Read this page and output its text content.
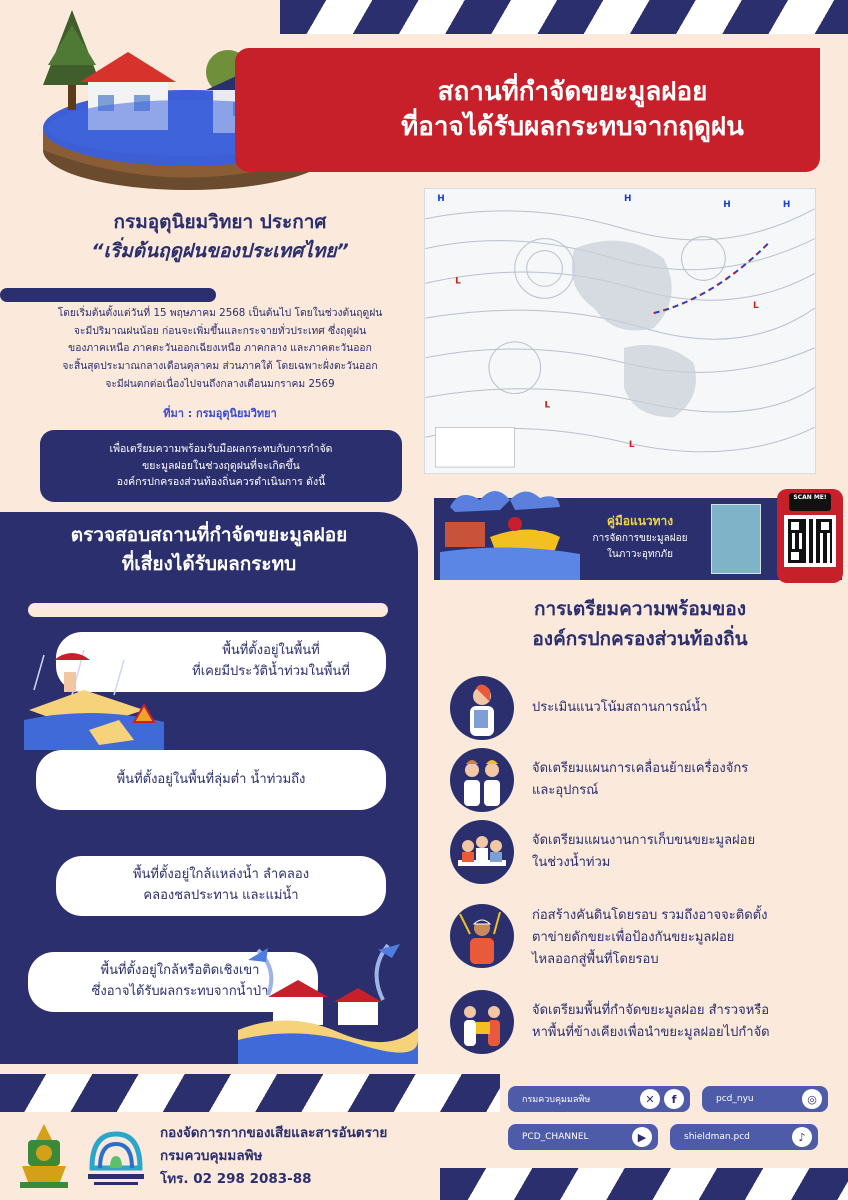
สถานที่กำจัดขยะมูลฝอย
ที่อาจได้รับผลกระทบจากฤดูฝน
กรมอุตุนิยมวิทยา ประกาศ
“เริ่มต้นฤดูฝนของประเทศไทย”
โดยเริ่มต้นตั้งแต่วันที่ 15 พฤษภาคม 2568 เป็นต้นไป โดยในช่วงต้นฤดูฝน
จะมีปริมาณฝนน้อย ก่อนจะเพิ่มขึ้นและกระจายทั่วประเทศ ซึ่งฤดูฝน
ของภาคเหนือ ภาคตะวันออกเฉียงเหนือ ภาคกลาง และภาคตะวันออก
จะสิ้นสุดประมาณกลางเดือนตุลาคม ส่วนภาคใต้ โดยเฉพาะฝั่งตะวันออก
จะมีฝนตกต่อเนื่องไปจนถึงกลางเดือนมกราคม 2569
ที่มา : กรมอุตุนิยมวิทยา
เพื่อเตรียมความพร้อมรับมือผลกระทบกับการกำจัด
ขยะมูลฝอยในช่วงฤดูฝนที่จะเกิดขึ้น
องค์กรปกครองส่วนท้องถิ่นควรดำเนินการ ดังนี้
L
L
L
L
H	H
H	H
ตรวจสอบสถานที่กำจัดขยะมูลฝอย
ที่เสี่ยงได้รับผลกระทบ
พื้นที่ตั้งอยู่ในพื้นที่
ที่เคยมีประวัติน้ำท่วมในพื้นที่
พื้นที่ตั้งอยู่ในพื้นที่ลุ่มต่ำ น้ำท่วมถึง
พื้นที่ตั้งอยู่ใกล้แหล่งน้ำ ลำคลอง
คลองชลประทาน และแม่น้ำ
พื้นที่ตั้งอยู่ใกล้หรือติดเชิงเขา
ซึ่งอาจได้รับผลกระทบจากน้ำป่า
คู่มือแนวทาง
การจัดการขยะมูลฝอย
ในภาวะอุทกภัย
SCAN ME!
การเตรียมความพร้อมของ
องค์กรปกครองส่วนท้องถิ่น
ประเมินแนวโน้มสถานการณ์น้ำ
จัดเตรียมแผนการเคลื่อนย้ายเครื่องจักร
และอุปกรณ์
จัดเตรียมแผนงานการเก็บขนขยะมูลฝอย
ในช่วงน้ำท่วม
ก่อสร้างคันดินโดยรอบ รวมถึงอาจจะติดตั้ง
ตาข่ายดักขยะเพื่อป้องกันขยะมูลฝอย
ไหลออกสู่พื้นที่โดยรอบ
จัดเตรียมพื้นที่กำจัดขยะมูลฝอย สำรวจหรือ
หาพื้นที่ข้างเคียงเพื่อนำขยะมูลฝอยไปกำจัด
กองจัดการกากของเสียและสารอันตราย
กรมควบคุมมลพิษ
โทร. 02 298 2083-88
กรมควบคุมมลพิษ	✕	f	pcd_nyu	◎
PCD_CHANNEL	▶	shieldman.pcd	♪
